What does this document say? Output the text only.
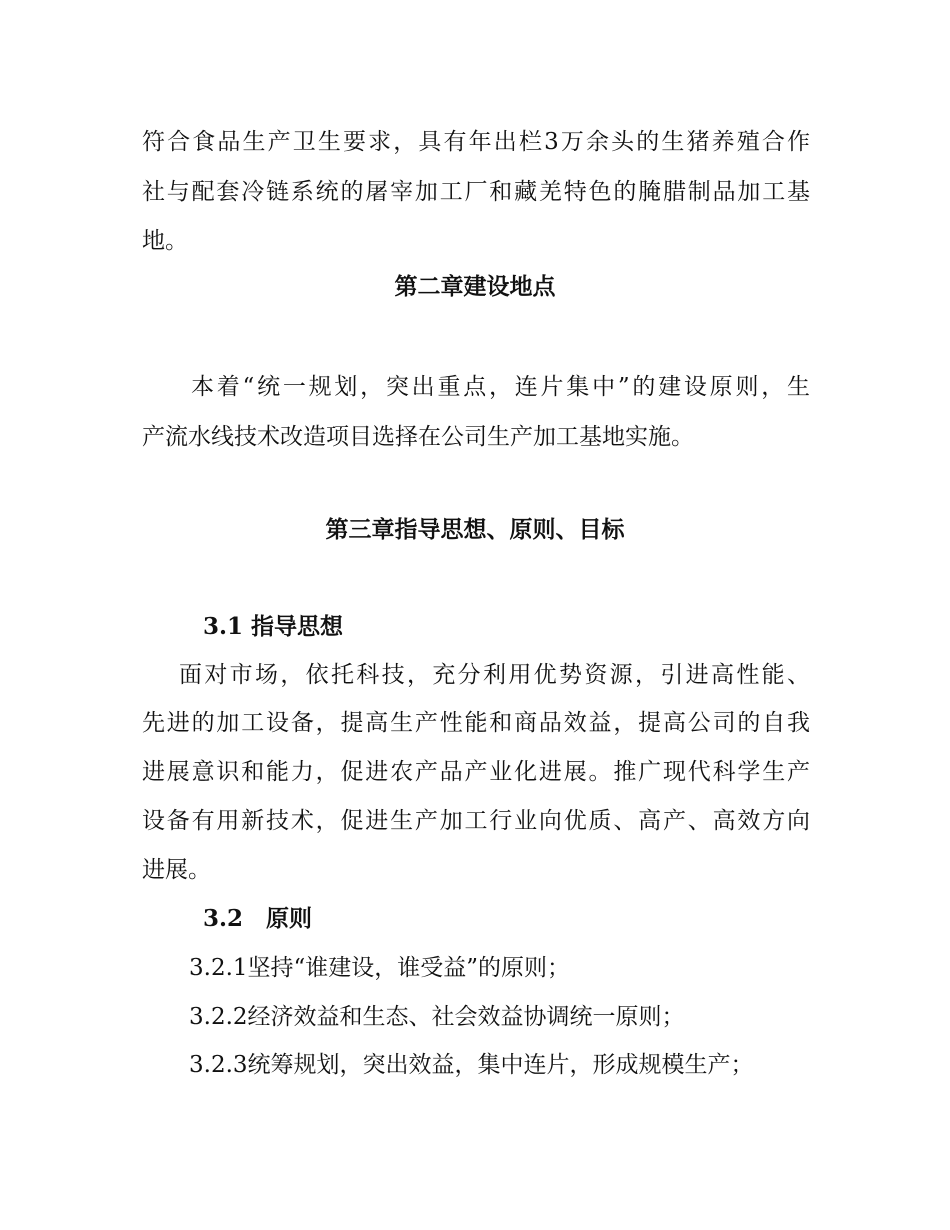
符合食品生产卫生要求，具有年出栏3万余头的生猪养殖合作
社与配套冷链系统的屠宰加工厂和藏羌特色的腌腊制品加工基
地。
第二章建设地点
本着“统一规划，突出重点，连片集中”的建设原则，生
产流水线技术改造项目选择在公司生产加工基地实施。
第三章指导思想、原则、目标
3.1 指导思想
面对市场，依托科技，充分利用优势资源，引进高性能、
先进的加工设备，提高生产性能和商品效益，提高公司的自我
进展意识和能力，促进农产品产业化进展。推广现代科学生产
设备有用新技术，促进生产加工行业向优质、高产、高效方向
进展。
3.2　原则
3.2.1坚持“谁建设，谁受益”的原则；
3.2.2经济效益和生态、社会效益协调统一原则；
3.2.3统筹规划，突出效益，集中连片，形成规模生产；
